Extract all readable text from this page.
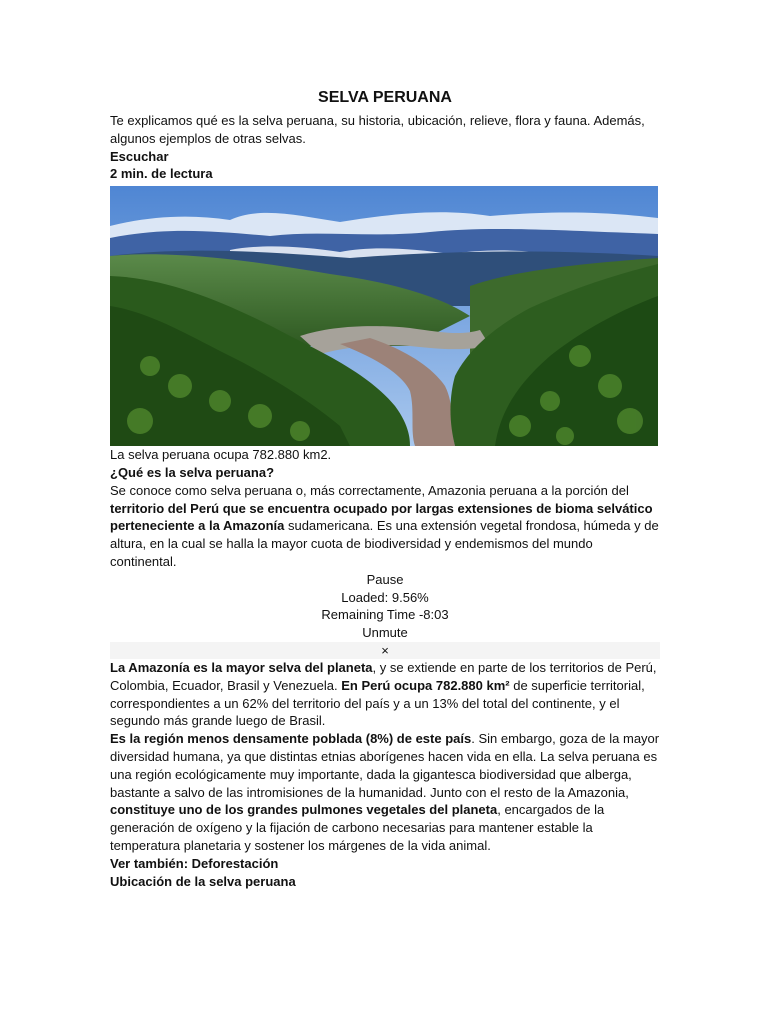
SELVA PERUANA

Te explicamos qué es la selva peruana, su historia, ubicación, relieve, flora y fauna. Además, algunos ejemplos de otras selvas.

Escuchar

2 min. de lectura

La selva peruana ocupa 782.880 km2.

¿Qué es la selva peruana?

Se conoce como selva peruana o, más correctamente, Amazonia peruana a la porción del territorio del Perú que se encuentra ocupado por largas extensiones de bioma selvático perteneciente a la Amazonía sudamericana. Es una extensión vegetal frondosa, húmeda y de altura, en la cual se halla la mayor cuota de biodiversidad y endemismos del mundo continental.

Pause

Loaded: 9.56%

Remaining Time -8:03

Unmute

×

La Amazonía es la mayor selva del planeta, y se extiende en parte de los territorios de Perú, Colombia, Ecuador, Brasil y Venezuela. En Perú ocupa 782.880 km² de superficie territorial, correspondientes a un 62% del territorio del país y a un 13% del total del continente, y el segundo más grande luego de Brasil.

Es la región menos densamente poblada (8%) de este país. Sin embargo, goza de la mayor diversidad humana, ya que distintas etnias aborígenes hacen vida en ella. La selva peruana es una región ecológicamente muy importante, dada la gigantesca biodiversidad que alberga, bastante a salvo de las intromisiones de la humanidad. Junto con el resto de la Amazonia, constituye uno de los grandes pulmones vegetales del planeta, encargados de la generación de oxígeno y la fijación de carbono necesarias para mantener estable la temperatura planetaria y sostener los márgenes de la vida animal.

Ver también: Deforestación

Ubicación de la selva peruana
